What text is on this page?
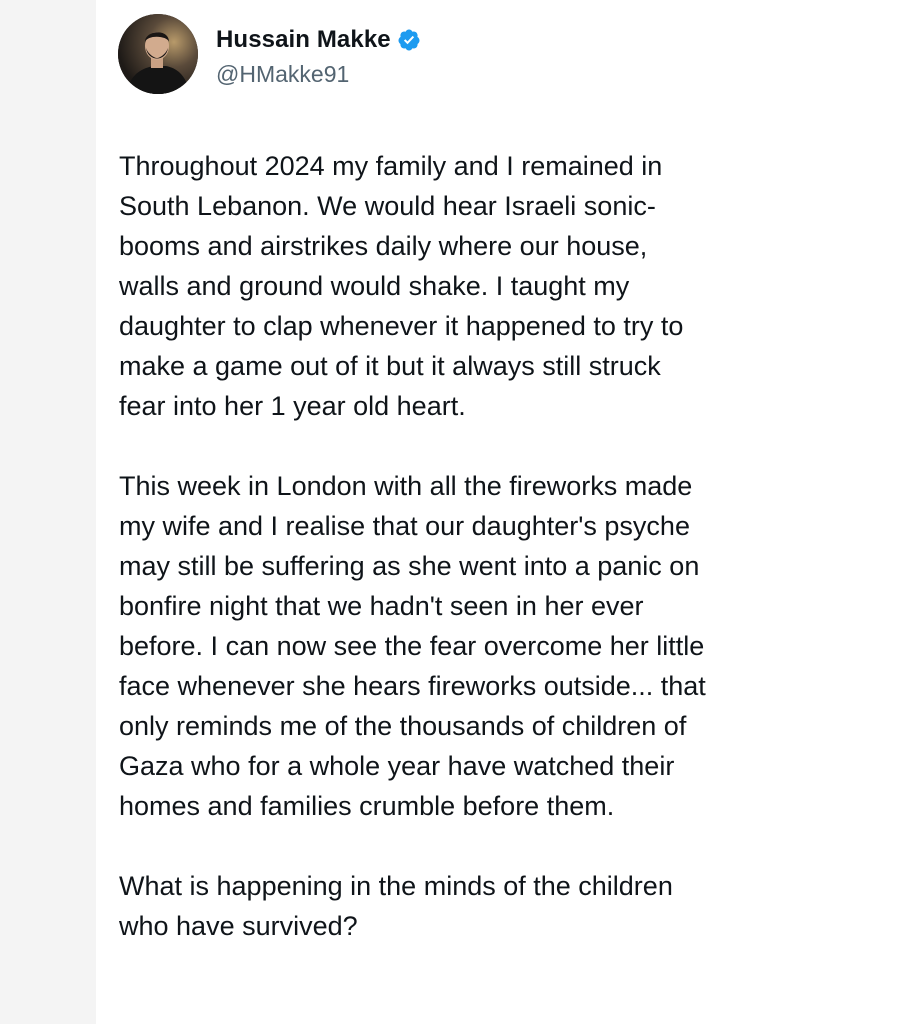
Hussain Makke
@HMakke91

Throughout 2024 my family and I remained in
South Lebanon. We would hear Israeli sonic-
booms and airstrikes daily where our house,
walls and ground would shake. I taught my
daughter to clap whenever it happened to try to
make a game out of it but it always still struck
fear into her 1 year old heart.

This week in London with all the fireworks made
my wife and I realise that our daughter's psyche
may still be suffering as she went into a panic on
bonfire night that we hadn't seen in her ever
before. I can now see the fear overcome her little
face whenever she hears fireworks outside... that
only reminds me of the thousands of children of
Gaza who for a whole year have watched their
homes and families crumble before them.

What is happening in the minds of the children
who have survived?
